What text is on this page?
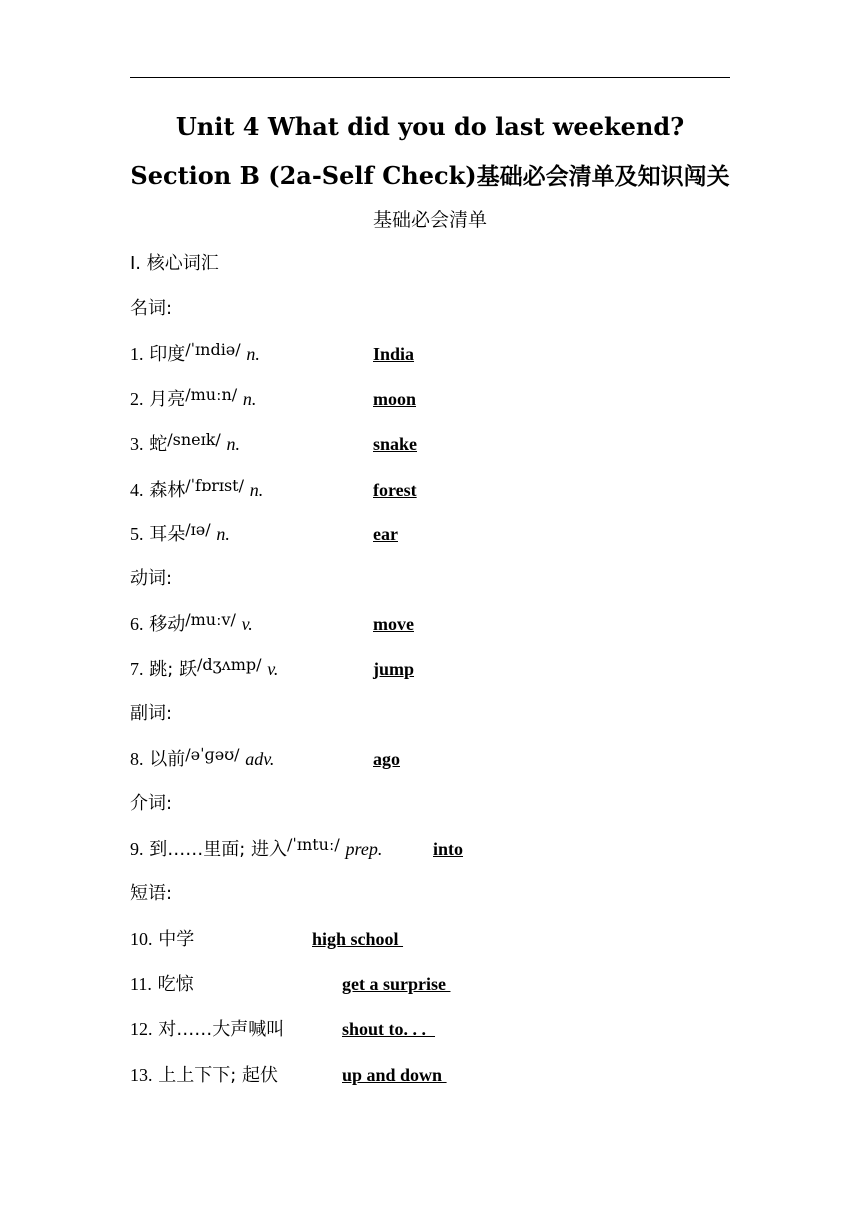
Unit 4 What did you do last weekend?
Section B (2a-Self Check)基础必会清单及知识闯关
基础必会清单
Ⅰ. 核心词汇
名词:
1. 印度/ˈɪndiə/ n.	India
2. 月亮/muːn/ n.	moon
3. 蛇/sneɪk/ n.	snake
4. 森林/ˈfɒrɪst/ n.	forest
5. 耳朵/ɪə/ n.	ear
动词:
6. 移动/muːv/ v.	move
7. 跳; 跃/dʒʌmp/ v.	jump
副词:
8. 以前/əˈɡəʊ/ adv.	ago
介词:
9. 到……里面; 进入/ˈɪntuː/ prep.	into
短语:
10. 中学	high school
11. 吃惊	get a surprise
12. 对……大声喊叫	shout to. . .
13. 上上下下; 起伏	up and down
